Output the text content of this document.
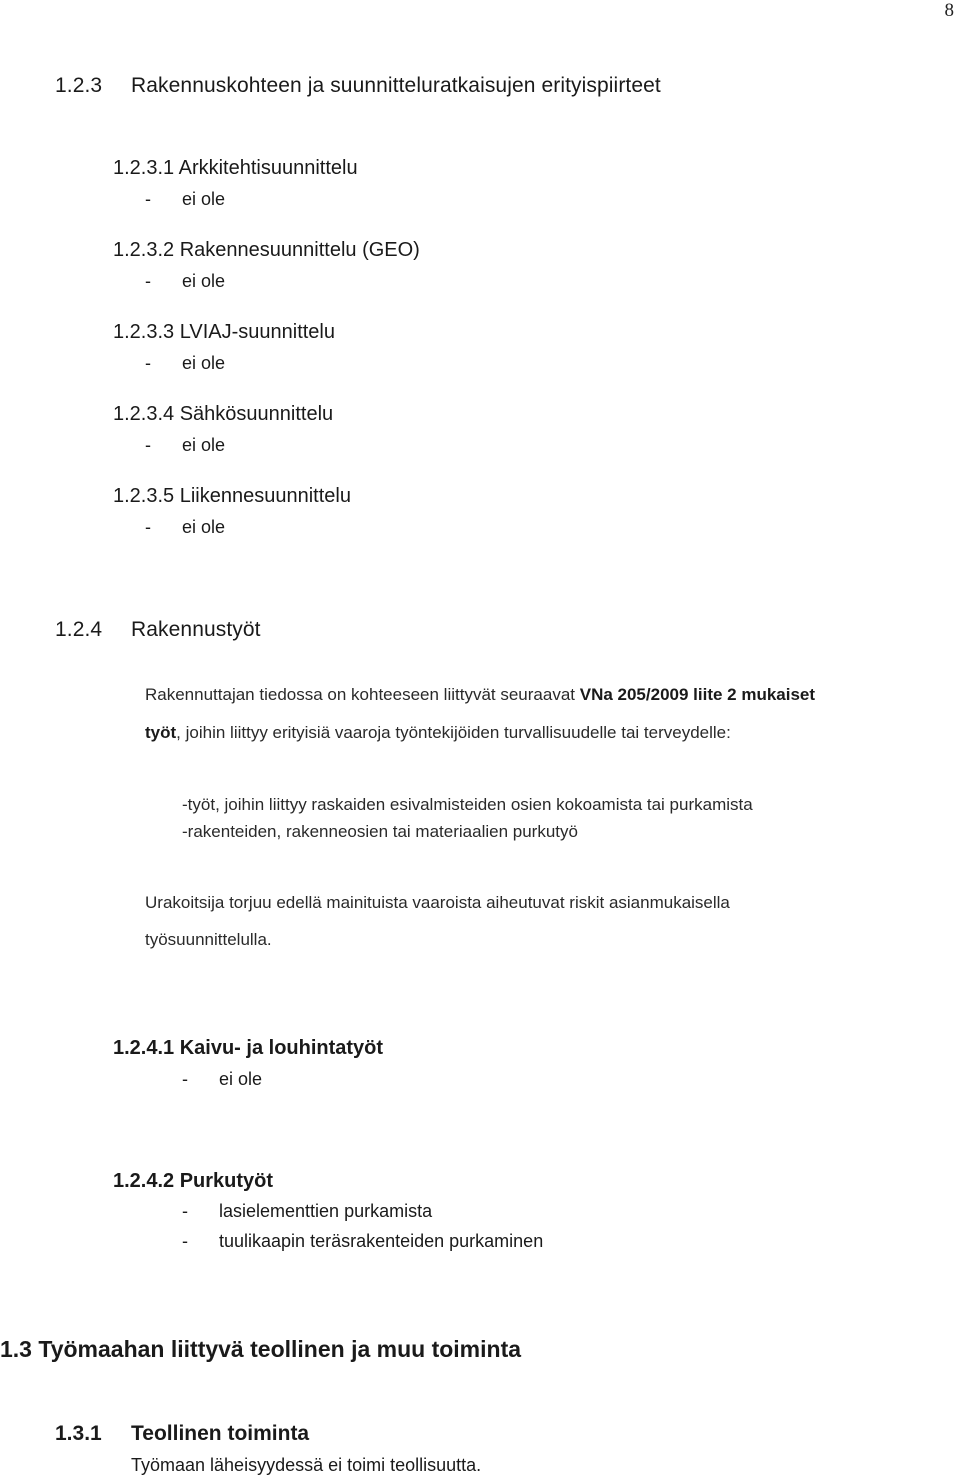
8
1.2.3 Rakennuskohteen ja suunnitteluratkaisujen erityispiirteet
1.2.3.1 Arkkitehtisuunnittelu
- ei ole
1.2.3.2 Rakennesuunnittelu (GEO)
- ei ole
1.2.3.3 LVIAJ-suunnittelu
- ei ole
1.2.3.4 Sähkösuunnittelu
- ei ole
1.2.3.5 Liikennesuunnittelu
- ei ole
1.2.4 Rakennustyöt
Rakennuttajan tiedossa on kohteeseen liittyvät seuraavat VNa 205/2009 liite 2 mukaiset
työt, joihin liittyy erityisiä vaaroja työntekijöiden turvallisuudelle tai terveydelle:
-työt, joihin liittyy raskaiden esivalmisteiden osien kokoamista tai purkamista
-rakenteiden, rakenneosien tai materiaalien purkutyö
Urakoitsija torjuu edellä mainituista vaaroista aiheutuvat riskit asianmukaisella
työsuunnittelulla.
1.2.4.1 Kaivu- ja louhintatyöt
- ei ole
1.2.4.2 Purkutyöt
- lasielementtien purkamista
- tuulikaapin teräsrakenteiden purkaminen
1.3 Työmaahan liittyvä teollinen ja muu toiminta
1.3.1 Teollinen toiminta
Työmaan läheisyydessä ei toimi teollisuutta.
